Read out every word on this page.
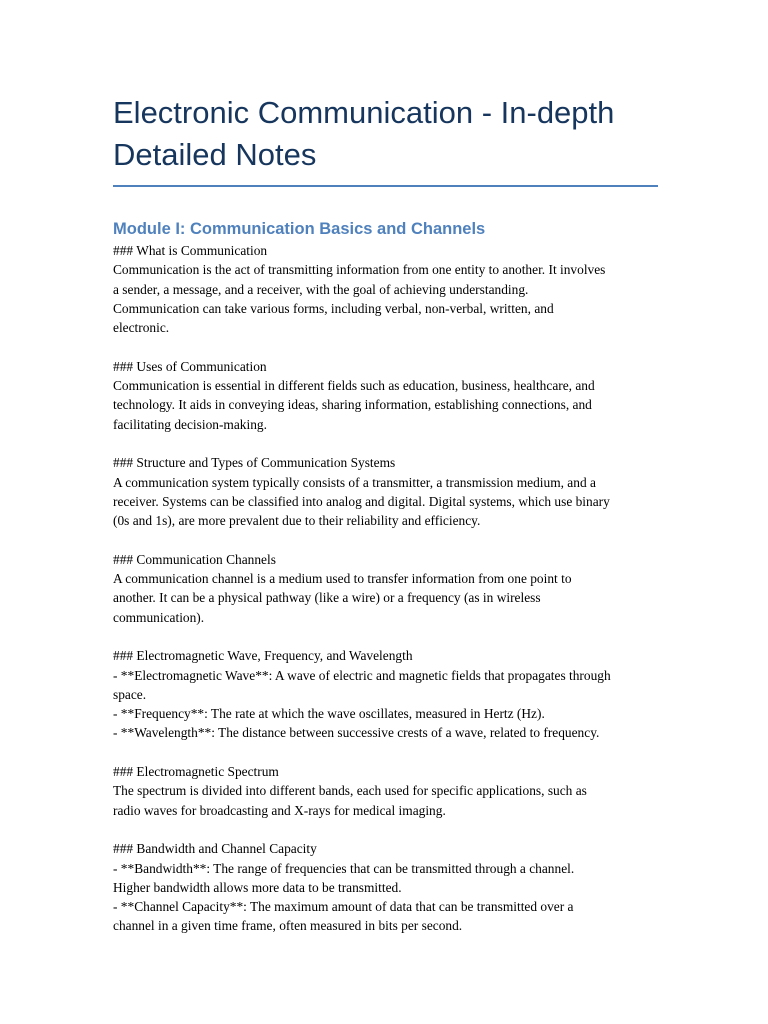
Electronic Communication - In-depth
Detailed Notes
Module I: Communication Basics and Channels
### What is Communication
Communication is the act of transmitting information from one entity to another. It involves
a sender, a message, and a receiver, with the goal of achieving understanding.
Communication can take various forms, including verbal, non-verbal, written, and
electronic.
### Uses of Communication
Communication is essential in different fields such as education, business, healthcare, and
technology. It aids in conveying ideas, sharing information, establishing connections, and
facilitating decision-making.
### Structure and Types of Communication Systems
A communication system typically consists of a transmitter, a transmission medium, and a
receiver. Systems can be classified into analog and digital. Digital systems, which use binary
(0s and 1s), are more prevalent due to their reliability and efficiency.
### Communication Channels
A communication channel is a medium used to transfer information from one point to
another. It can be a physical pathway (like a wire) or a frequency (as in wireless
communication).
### Electromagnetic Wave, Frequency, and Wavelength
- **Electromagnetic Wave**: A wave of electric and magnetic fields that propagates through
space.
- **Frequency**: The rate at which the wave oscillates, measured in Hertz (Hz).
- **Wavelength**: The distance between successive crests of a wave, related to frequency.
### Electromagnetic Spectrum
The spectrum is divided into different bands, each used for specific applications, such as
radio waves for broadcasting and X-rays for medical imaging.
### Bandwidth and Channel Capacity
- **Bandwidth**: The range of frequencies that can be transmitted through a channel.
Higher bandwidth allows more data to be transmitted.
- **Channel Capacity**: The maximum amount of data that can be transmitted over a
channel in a given time frame, often measured in bits per second.
